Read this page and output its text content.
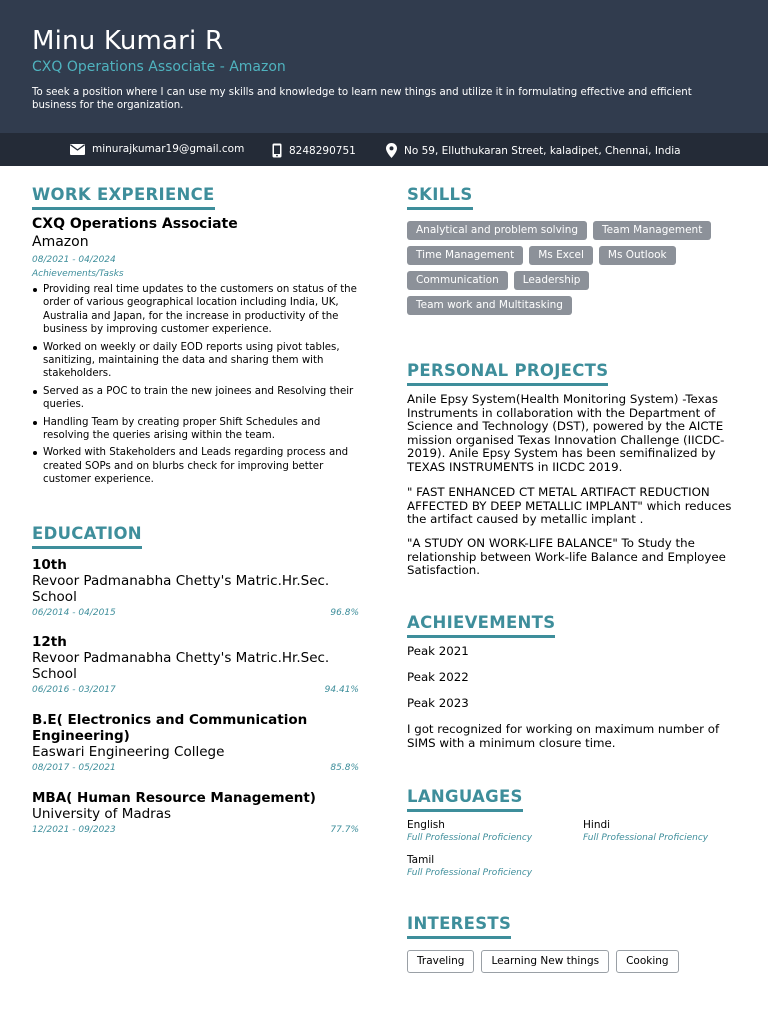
Minu Kumari R
CXQ Operations Associate - Amazon
To seek a position where I can use my skills and knowledge to learn new things and utilize it in formulating effective and efficient business for the organization.
minurajkumar19@gmail.com	8248290751	No 59, Elluthukaran Street, kaladipet, Chennai, India
WORK EXPERIENCE
CXQ Operations Associate
Amazon
08/2021 - 04/2024
Achievements/Tasks
Providing real time updates to the customers on status of the order of various geographical location including India, UK, Australia and Japan, for the increase in productivity of the business by improving customer experience.
Worked on weekly or daily EOD reports using pivot tables, sanitizing, maintaining the data and sharing them with stakeholders.
Served as a POC to train the new joinees and Resolving their queries.
Handling Team by creating proper Shift Schedules and resolving the queries arising within the team.
Worked with Stakeholders and Leads regarding process and created SOPs and on blurbs check for improving better customer experience.
EDUCATION
10th
Revoor Padmanabha Chetty's Matric.Hr.Sec. School
06/2014 - 04/2015	96.8%
12th
Revoor Padmanabha Chetty's Matric.Hr.Sec. School
06/2016 - 03/2017	94.41%
B.E( Electronics and Communication Engineering)
Easwari Engineering College
08/2017 - 05/2021	85.8%
MBA( Human Resource Management)
University of Madras
12/2021 - 09/2023	77.7%
SKILLS
Analytical and problem solving	Team Management
Time Management	Ms Excel	Ms Outlook
Communication	Leadership
Team work and Multitasking
PERSONAL PROJECTS
Anile Epsy System(Health Monitoring System) -Texas Instruments in collaboration with the Department of Science and Technology (DST), powered by the AICTE mission organised Texas Innovation Challenge (IICDC-2019). Anile Epsy System has been semifinalized by TEXAS INSTRUMENTS in IICDC 2019.
" FAST ENHANCED CT METAL ARTIFACT REDUCTION AFFECTED BY DEEP METALLIC IMPLANT" which reduces the artifact caused by metallic implant .
"A STUDY ON WORK-LIFE BALANCE" To Study the relationship between Work-life Balance and Employee Satisfaction.
ACHIEVEMENTS
Peak 2021
Peak 2022
Peak 2023
I got recognized for working on maximum number of SIMS with a minimum closure time.
LANGUAGES
English
Full Professional Proficiency
Hindi
Full Professional Proficiency
Tamil
Full Professional Proficiency
INTERESTS
Traveling	Learning New things	Cooking
